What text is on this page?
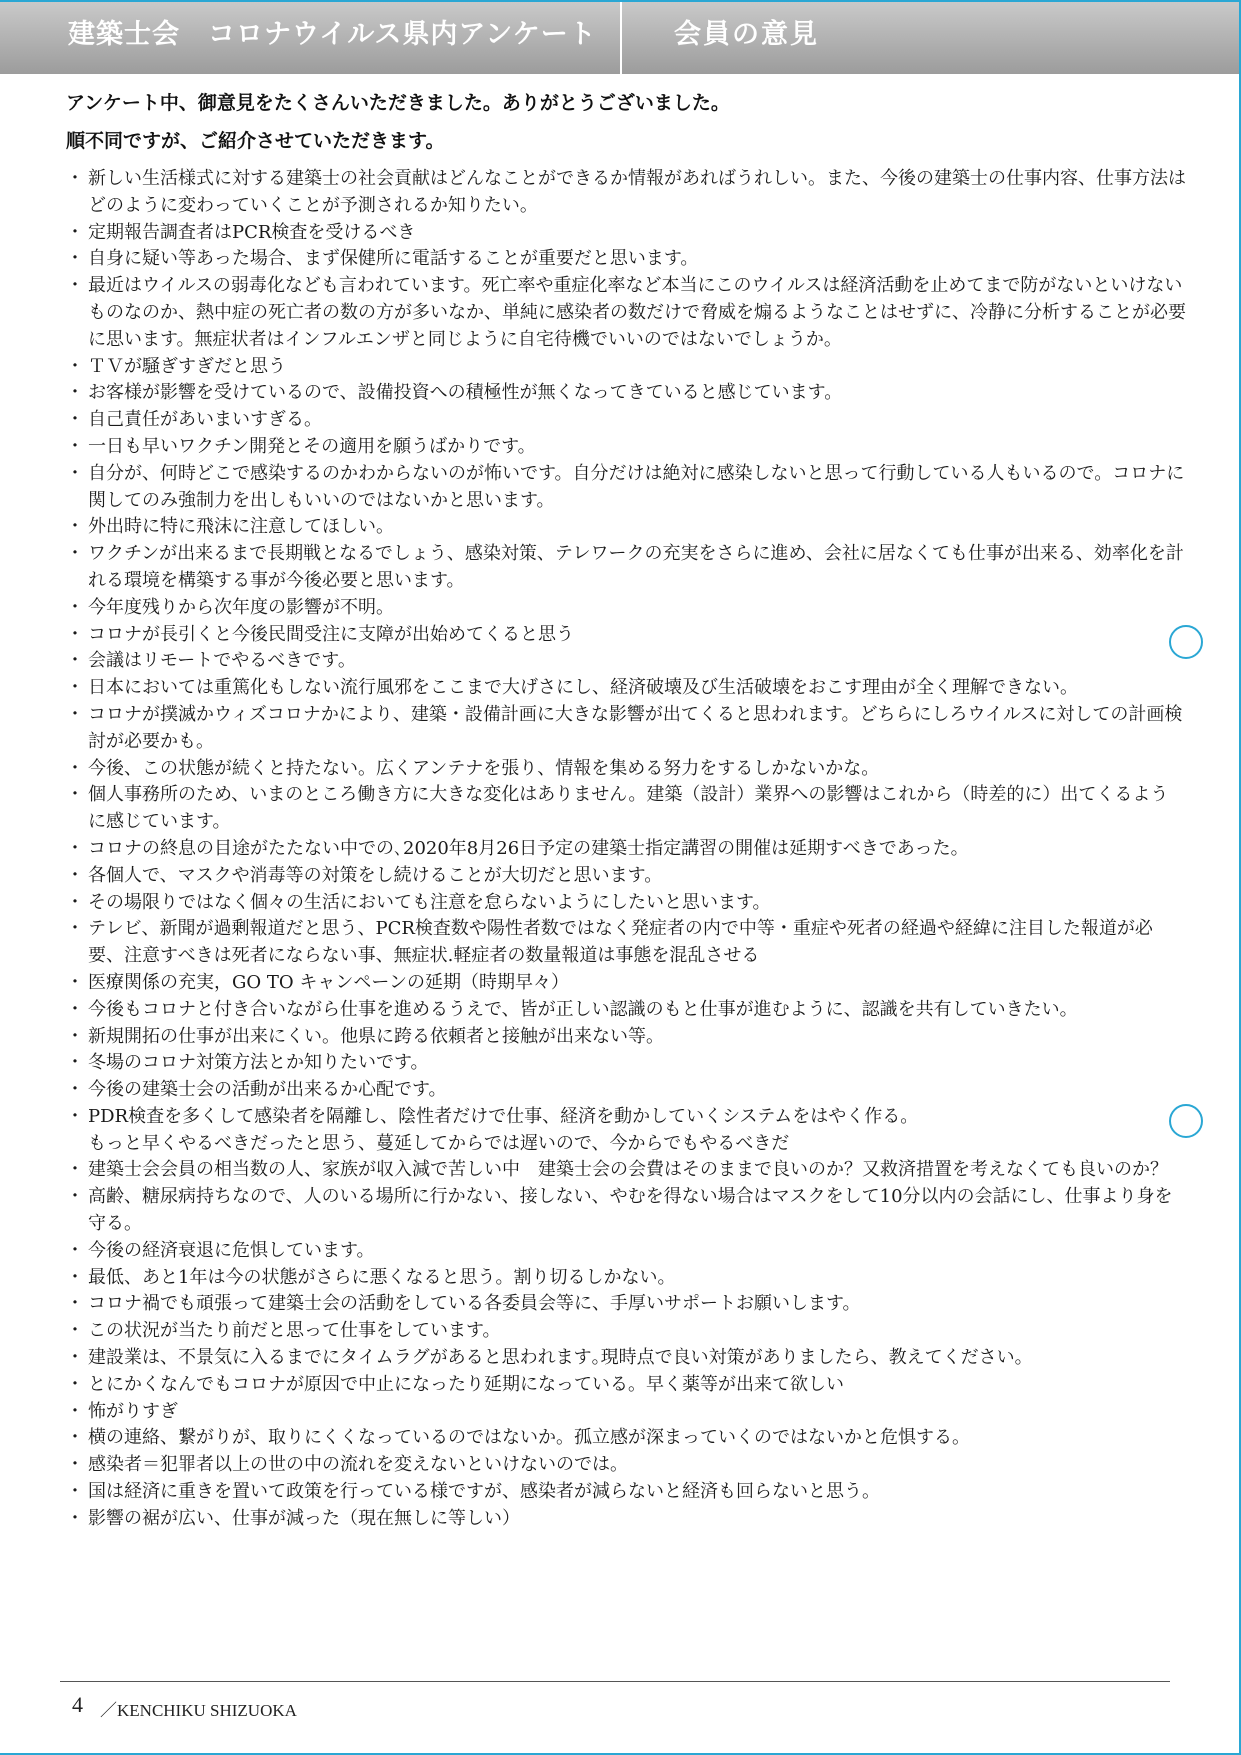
建築士会　コロナウイルス県内アンケート	会員の意見
アンケート中、御意見をたくさんいただきました。ありがとうございました。
順不同ですが、ご紹介させていただきます。
・ 新しい生活様式に対する建築士の社会貢献はどんなことができるか情報があればうれしい。また、今後の建築士の仕事内容、仕事方法はどのように変わっていくことが予測されるか知りたい。
・ 定期報告調査者はPCR検査を受けるべき
・ 自身に疑い等あった場合、まず保健所に電話することが重要だと思います。
・ 最近はウイルスの弱毒化なども言われています。死亡率や重症化率など本当にこのウイルスは経済活動を止めてまで防がないといけないものなのか、熱中症の死亡者の数の方が多いなか、単純に感染者の数だけで脅威を煽るようなことはせずに、冷静に分析することが必要に思います。無症状者はインフルエンザと同じように自宅待機でいいのではないでしょうか。
・ ＴＶが騒ぎすぎだと思う
・ お客様が影響を受けているので、設備投資への積極性が無くなってきていると感じています。
・ 自己責任があいまいすぎる。
・ 一日も早いワクチン開発とその適用を願うばかりです。
・ 自分が、何時どこで感染するのかわからないのが怖いです。自分だけは絶対に感染しないと思って行動している人もいるので。コロナに関してのみ強制力を出しもいいのではないかと思います。
・ 外出時に特に飛沫に注意してほしい。
・ ワクチンが出来るまで長期戦となるでしょう、感染対策、テレワークの充実をさらに進め、会社に居なくても仕事が出来る、効率化を計れる環境を構築する事が今後必要と思います。
・ 今年度残りから次年度の影響が不明。
・ コロナが長引くと今後民間受注に支障が出始めてくると思う
・ 会議はリモートでやるべきです。
・ 日本においては重篤化もしない流行風邪をここまで大げさにし、経済破壊及び生活破壊をおこす理由が全く理解できない。
・ コロナが撲滅かウィズコロナかにより、建築・設備計画に大きな影響が出てくると思われます。どちらにしろウイルスに対しての計画検討が必要かも。
・ 今後、この状態が続くと持たない。広くアンテナを張り、情報を集める努力をするしかないかな。
・ 個人事務所のため、いまのところ働き方に大きな変化はありません。建築（設計）業界への影響はこれから（時差的に）出てくるように感じています。
・ コロナの終息の目途がたたない中での､2020年8月26日予定の建築士指定講習の開催は延期すべきであった。
・ 各個人で、マスクや消毒等の対策をし続けることが大切だと思います。
・ その場限りではなく個々の生活においても注意を怠らないようにしたいと思います。
・ テレビ、新聞が過剰報道だと思う、PCR検査数や陽性者数ではなく発症者の内で中等・重症や死者の経過や経緯に注目した報道が必要、注意すべきは死者にならない事、無症状.軽症者の数量報道は事態を混乱させる
・ 医療関係の充実，GO TO キャンペーンの延期（時期早々）
・ 今後もコロナと付き合いながら仕事を進めるうえで、皆が正しい認識のもと仕事が進むように、認識を共有していきたい。
・ 新規開拓の仕事が出来にくい。他県に跨る依頼者と接触が出来ない等。
・ 冬場のコロナ対策方法とか知りたいです。
・ 今後の建築士会の活動が出来るか心配です。
・ PDR検査を多くして感染者を隔離し、陰性者だけで仕事、経済を動かしていくシステムをはやく作る。
もっと早くやるべきだったと思う、蔓延してからでは遅いので、今からでもやるべきだ
・ 建築士会会員の相当数の人、家族が収入減で苦しい中　建築士会の会費はそのままで良いのか？又救済措置を考えなくても良いのか？
・ 高齢、糖尿病持ちなので、人のいる場所に行かない、接しない、やむを得ない場合はマスクをして10分以内の会話にし、仕事より身を守る。
・ 今後の経済衰退に危惧しています。
・ 最低、あと1年は今の状態がさらに悪くなると思う。割り切るしかない。
・ コロナ禍でも頑張って建築士会の活動をしている各委員会等に、手厚いサポートお願いします。
・ この状況が当たり前だと思って仕事をしています。
・ 建設業は、不景気に入るまでにタイムラグがあると思われます｡現時点で良い対策がありましたら、教えてください。
・ とにかくなんでもコロナが原因で中止になったり延期になっている。早く薬等が出来て欲しい
・ 怖がりすぎ
・ 横の連絡、繋がりが、取りにくくなっているのではないか。孤立感が深まっていくのではないかと危惧する。
・ 感染者＝犯罪者以上の世の中の流れを変えないといけないのでは。
・ 国は経済に重きを置いて政策を行っている様ですが、感染者が減らないと経済も回らないと思う。
・ 影響の裾が広い、仕事が減った（現在無しに等しい）
4 ／KENCHIKU SHIZUOKA
